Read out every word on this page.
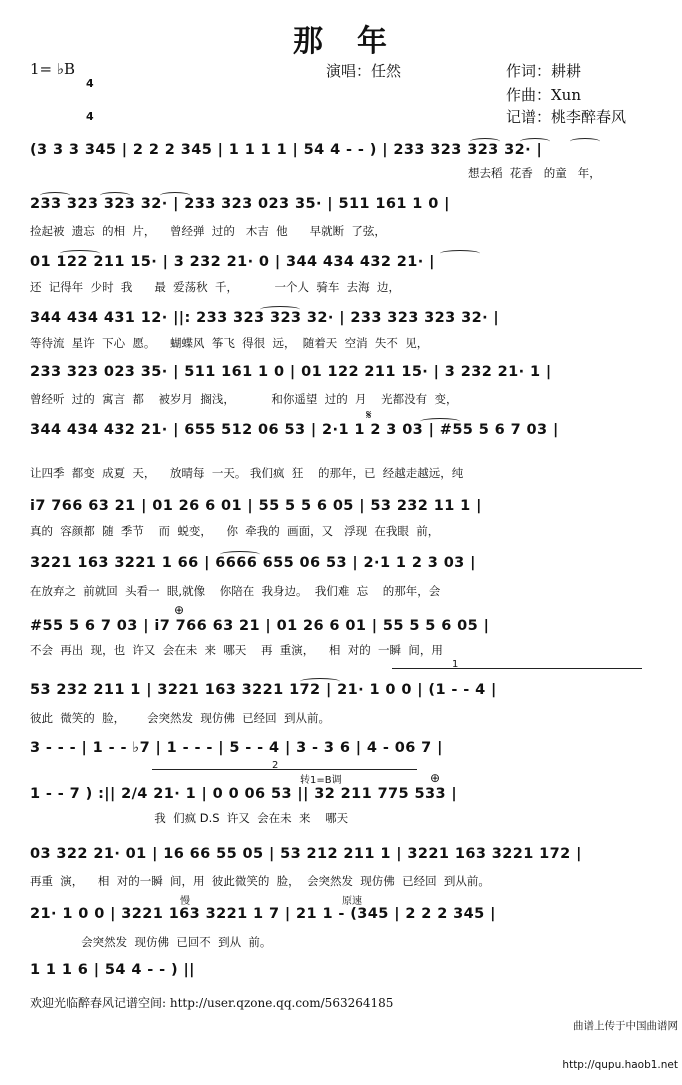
那　年
1= ♭B

4

4

演唱：任然	作词：耕耕
作曲：Xun
记谱：桃李醉春风
(3 3 3 345 | 2 2 2 345 | 1 1 1 1 | 54 4 - - ) | 233 323 323 32· |
想去稻  花香   的童   年，
233 323 323 32· | 233 323 023 35· | 511 161 1 0 |
捡起被  遗忘  的相  片，    曾经弹  过的   木吉  他      早就断  了弦，
01 122 211 15· | 3 232 21· 0 | 344 434 432 21· |
还  记得年  少时  我      最  爱荡秋  千，          一个人  骑车  去海  边，
344 434 431 12· ||: 233 323 323 32· | 233 323 323 32· |
等待流  星许  下心  愿。    蝴蝶风  筝飞  得很  远，  随着天  空消  失不  见，
233 323 023 35· | 511 161 1 0 | 01 122 211 15· | 3 232 21· 1 |
曾经听  过的  寓言  都    被岁月  搁浅，          和你遥望  过的  月    光都没有  变，
344 434 432 21· | 655 512 06 53 | 2·1 1 2 3 03 | #55 5 6 7 03 |
让四季  都变  成夏  天，    放晴每  一天。 我们疯  狂    的那年，已  经越走越远，纯
i7 766 63 21 | 01 26 6 01 | 55 5 5 6 05 | 53 232 11 1 |
真的  容颜都  随  季节    而  蜕变，    你  牵我的  画面，又   浮现  在我眼  前，
3221 163 3221 1 66 | 6666 655 06 53 | 2·1 1 2 3 03 |
在放弃之  前就回  头看一  眼,就像    你陪在  我身边。  我们难  忘    的那年，会
#55 5 6 7 03 | i7 766 63 21 | 01 26 6 01 | 55 5 5 6 05 |
不会  再出  现，也  许又  会在未  来  哪天    再  重演，    相  对的  一瞬  间，用
53 232 211 1 | 3221 163 3221 172 | 21· 1 0 0 | (1 - - 4 |
彼此  微笑的  脸，      会突然发  现仿佛  已经回  到从前。
3 - - - | 1 - - ♭7 | 1 - - - | 5 - - 4 | 3 - 3 6 | 4 - 06 7 |
1 - - 7 ) :|| 2/4 21· 1 | 0 0 06 53 || 32 211 775 533 |
我  们疯 D.S  许又  会在未  来    哪天
03 322 21· 01 | 16 66 55 05 | 53 212 211 1 | 3221 163 3221 172 |
再重  演，    相  对的一瞬  间，用  彼此微笑的  脸，  会突然发  现仿佛  已经回  到从前。
21· 1 0 0 | 3221 163 3221 1 7 | 21 1 - (345 | 2 2 2 345 |
会突然发  现仿佛  已回不  到从  前。
1 1 1 6 | 54 4 - - ) ||
1
2
转1=B调
慢	原速
𝄋
⊕
⊕
欢迎光临醉春风记谱空间: http://user.qzone.qq.com/563264185

曲谱上传于中国曲谱网

http://qupu.haob1.net
